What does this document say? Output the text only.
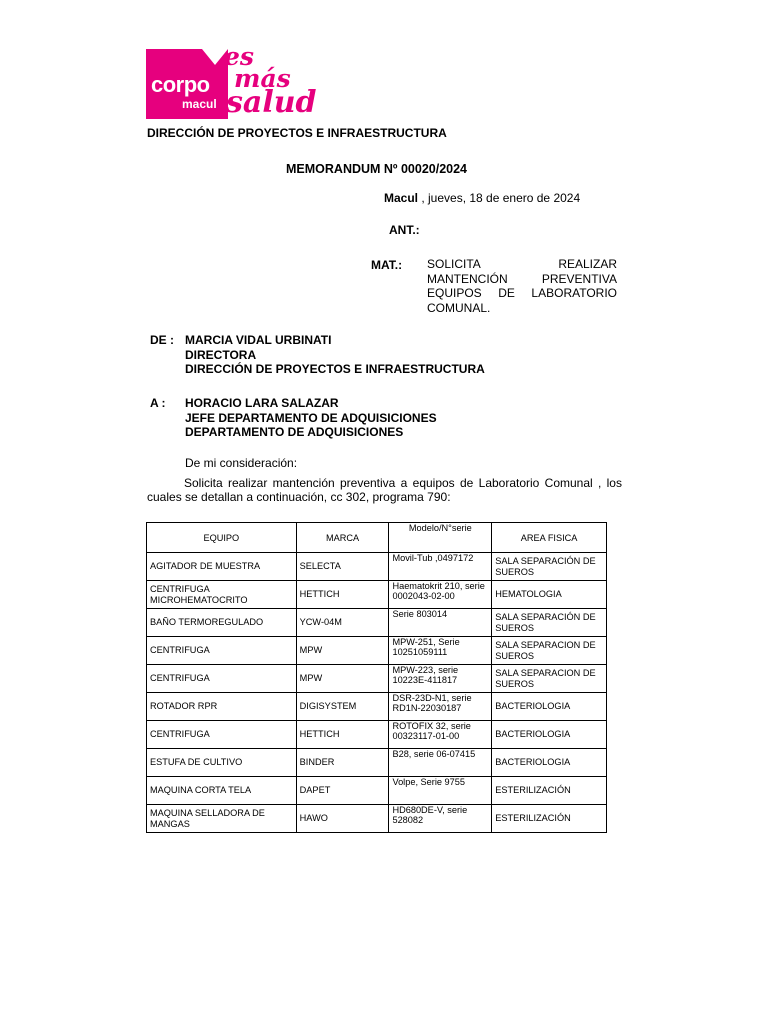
corpo
macul
es
más
salud
DIRECCIÓN DE PROYECTOS E INFRAESTRUCTURA
MEMORANDUM Nº 00020/2024
Macul , jueves, 18 de enero de 2024
ANT.:
MAT.: SOLICITA	REALIZAR
MANTENCIÓN	PREVENTIVA
EQUIPOS DE LABORATORIO
COMUNAL.
DE : MARCIA VIDAL URBINATI
DIRECTORA
DIRECCIÓN DE PROYECTOS E INFRAESTRUCTURA
A : HORACIO LARA SALAZAR
JEFE DEPARTAMENTO DE ADQUISICIONES
DEPARTAMENTO DE ADQUISICIONES
De mi consideración:
Solicita realizar mantención preventiva a equipos de Laboratorio Comunal , los
cuales se detallan a continuación, cc 302, programa 790:
EQUIPO	MARCA	Modelo/N°serie	AREA FISICA
AGITADOR DE MUESTRA	SELECTA	Movil-Tub ,0497172	SALA SEPARACIÓN DE SUEROS
CENTRIFUGA MICROHEMATOCRITO	HETTICH	Haematokrit 210, serie 0002043-02-00	HEMATOLOGIA
BAÑO TERMOREGULADO	YCW-04M	Serie 803014	SALA SEPARACIÓN DE SUEROS
CENTRIFUGA	MPW	MPW-251, Serie 10251059111	SALA SEPARACION DE SUEROS
CENTRIFUGA	MPW	MPW-223, serie 10223E-411817	SALA SEPARACION DE SUEROS
ROTADOR RPR	DIGISYSTEM	DSR-23D-N1, serie RD1N-22030187	BACTERIOLOGIA
CENTRIFUGA	HETTICH	ROTOFIX 32, serie 00323117-01-00	BACTERIOLOGIA
ESTUFA DE CULTIVO	BINDER	B28, serie 06-07415	BACTERIOLOGIA
MAQUINA CORTA TELA	DAPET	Volpe, Serie 9755	ESTERILIZACIÓN
MAQUINA SELLADORA DE MANGAS	HAWO	HD680DE-V, serie 528082	ESTERILIZACIÓN
